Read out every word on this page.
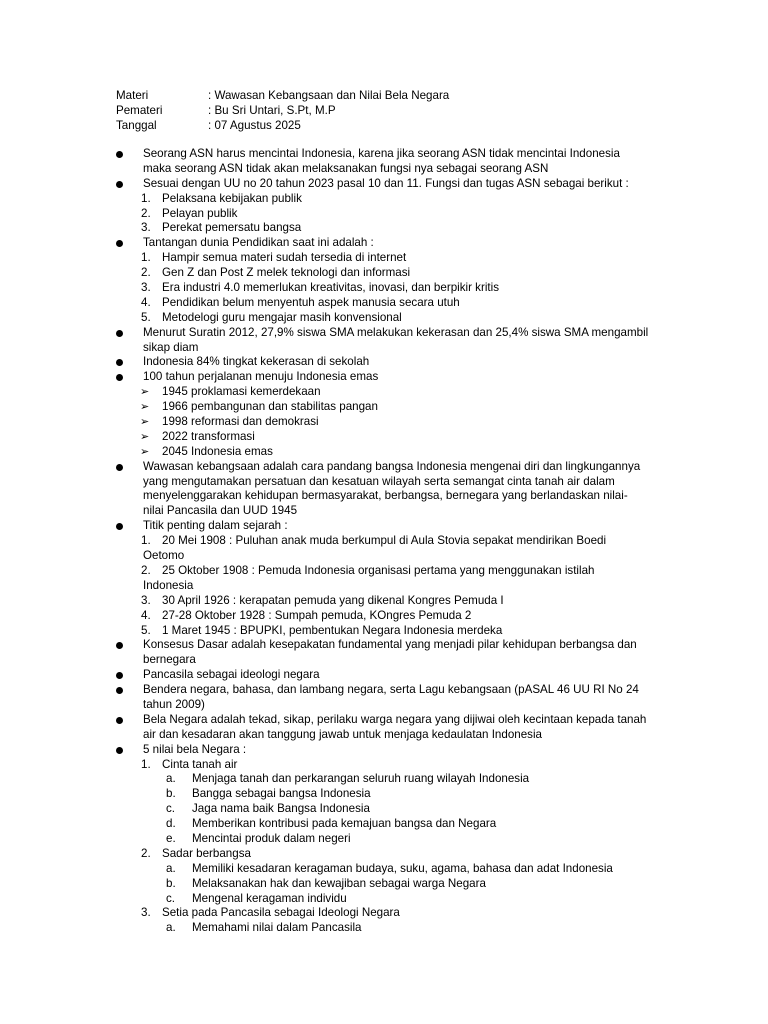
Materi	: Wawasan Kebangsaan dan Nilai Bela Negara
Pemateri	: Bu Sri Untari, S.Pt, M.P
Tanggal	: 07 Agustus 2025
Seorang ASN harus mencintai Indonesia, karena jika seorang ASN tidak mencintai Indonesia
maka seorang ASN tidak akan melaksanakan fungsi nya sebagai seorang ASN
Sesuai dengan UU no 20 tahun 2023 pasal 10 dan 11. Fungsi dan tugas ASN sebagai berikut :
1. Pelaksana kebijakan publik
2. Pelayan publik
3. Perekat pemersatu bangsa
Tantangan dunia Pendidikan saat ini adalah :
1. Hampir semua materi sudah tersedia di internet
2. Gen Z dan Post Z melek teknologi dan informasi
3. Era industri 4.0 memerlukan kreativitas, inovasi, dan berpikir kritis
4. Pendidikan belum menyentuh aspek manusia secara utuh
5. Metodelogi guru mengajar masih konvensional
Menurut Suratin 2012, 27,9% siswa SMA melakukan kekerasan dan 25,4% siswa SMA mengambil
sikap diam
Indonesia 84% tingkat kekerasan di sekolah
100 tahun perjalanan menuju Indonesia emas
➢ 1945 proklamasi kemerdekaan
➢ 1966 pembangunan dan stabilitas pangan
➢ 1998 reformasi dan demokrasi
➢ 2022 transformasi
➢ 2045 Indonesia emas
Wawasan kebangsaan adalah cara pandang bangsa Indonesia mengenai diri dan lingkungannya
yang mengutamakan persatuan dan kesatuan wilayah serta semangat cinta tanah air dalam
menyelenggarakan kehidupan bermasyarakat, berbangsa, bernegara yang berlandaskan nilai-
nilai Pancasila dan UUD 1945
Titik penting dalam sejarah :
1. 20 Mei 1908 : Puluhan anak muda berkumpul di Aula Stovia sepakat mendirikan Boedi
Oetomo
2. 25 Oktober 1908 : Pemuda Indonesia organisasi pertama yang menggunakan istilah
Indonesia
3. 30 April 1926 : kerapatan pemuda yang dikenal Kongres Pemuda I
4. 27-28 Oktober 1928 : Sumpah pemuda, KOngres Pemuda 2
5. 1 Maret 1945 : BPUPKI, pembentukan Negara Indonesia merdeka
Konsesus Dasar adalah kesepakatan fundamental yang menjadi pilar kehidupan berbangsa dan
bernegara
Pancasila sebagai ideologi negara
Bendera negara, bahasa, dan lambang negara, serta Lagu kebangsaan (pASAL 46 UU RI No 24
tahun 2009)
Bela Negara adalah tekad, sikap, perilaku warga negara yang dijiwai oleh kecintaan kepada tanah
air dan kesadaran akan tanggung jawab untuk menjaga kedaulatan Indonesia
5 nilai bela Negara :
1. Cinta tanah air
a. Menjaga tanah dan perkarangan seluruh ruang wilayah Indonesia
b. Bangga sebagai bangsa Indonesia
c. Jaga nama baik Bangsa Indonesia
d. Memberikan kontribusi pada kemajuan bangsa dan Negara
e. Mencintai produk dalam negeri
2. Sadar berbangsa
a. Memiliki kesadaran keragaman budaya, suku, agama, bahasa dan adat Indonesia
b. Melaksanakan hak dan kewajiban sebagai warga Negara
c. Mengenal keragaman individu
3. Setia pada Pancasila sebagai Ideologi Negara
a. Memahami nilai dalam Pancasila
